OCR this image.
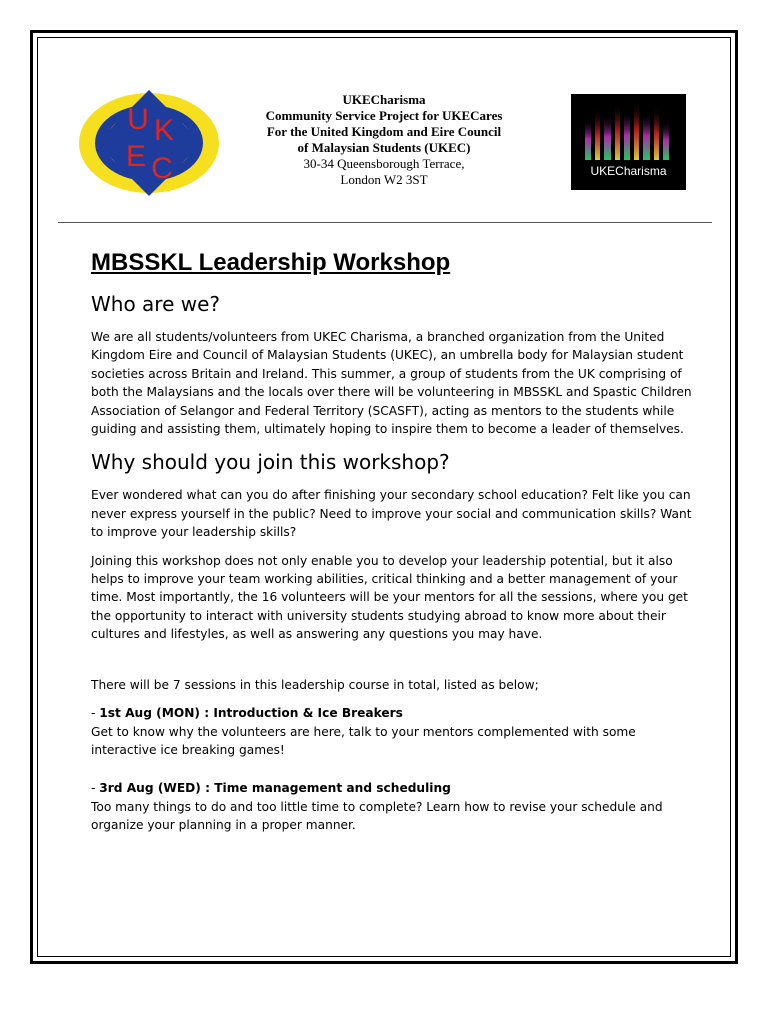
U K
E C
UKECharisma
Community Service Project for UKECares
For the United Kingdom and Eire Council
of Malaysian Students (UKEC)
30-34 Queensborough Terrace,
London W2 3ST
UKECharisma
MBSSKL Leadership Workshop
Who are we?

We are all students/volunteers from UKEC Charisma, a branched organization from the United Kingdom Eire and Council of Malaysian Students (UKEC), an umbrella body for Malaysian student societies across Britain and Ireland. This summer, a group of students from the UK comprising of both the Malaysians and the locals over there will be volunteering in MBSSKL and Spastic Children Association of Selangor and Federal Territory (SCASFT), acting as mentors to the students while guiding and assisting them, ultimately hoping to inspire them to become a leader of themselves.

Why should you join this workshop?

Ever wondered what can you do after finishing your secondary school education? Felt like you can never express yourself in the public? Need to improve your social and communication skills? Want to improve your leadership skills?

Joining this workshop does not only enable you to develop your leadership potential, but it also helps to improve your team working abilities, critical thinking and a better management of your time. Most importantly, the 16 volunteers will be your mentors for all the sessions, where you get the opportunity to interact with university students studying abroad to know more about their cultures and lifestyles, as well as answering any questions you may have.

There will be 7 sessions in this leadership course in total, listed as below;

- 1st Aug (MON) : Introduction & Ice Breakers

Get to know why the volunteers are here, talk to your mentors complemented with some interactive ice breaking games!

- 3rd Aug (WED) : Time management and scheduling

Too many things to do and too little time to complete? Learn how to revise your schedule and organize your planning in a proper manner.
